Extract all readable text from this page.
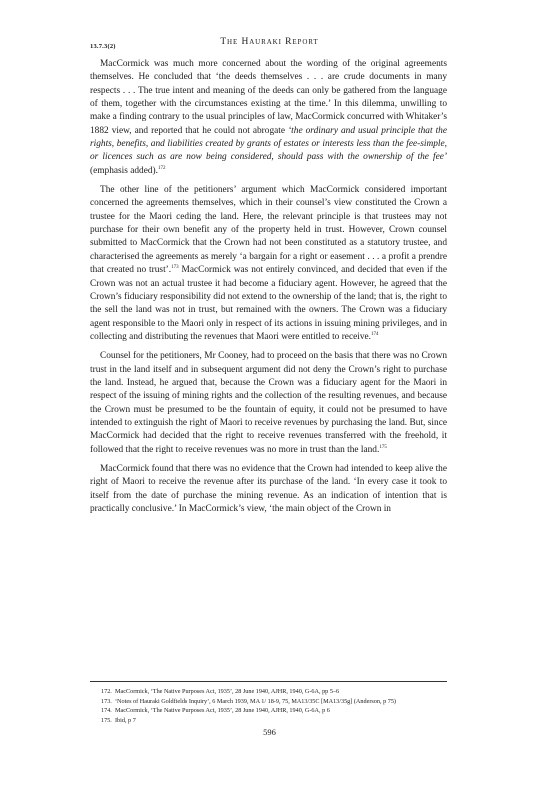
13.7.3(2)	The Hauraki Report

MacCormick was much more concerned about the wording of the original agreements themselves. He concluded that ‘the deeds themselves . . . are crude documents in many respects . . . The true intent and meaning of the deeds can only be gathered from the language of them, together with the circumstances existing at the time.’ In this dilemma, unwilling to make a finding contrary to the usual principles of law, MacCormick concurred with Whitaker’s 1882 view, and reported that he could not abrogate ‘the ordinary and usual principle that the rights, benefits, and liabilities created by grants of estates or interests less than the fee-simple, or licences such as are now being considered, should pass with the ownership of the fee’ (emphasis added).$^{172}$

The other line of the petitioners’ argument which MacCormick considered important concerned the agreements themselves, which in their counsel’s view constituted the Crown a trustee for the Maori ceding the land. Here, the relevant principle is that trustees may not purchase for their own benefit any of the property held in trust. However, Crown counsel submitted to MacCormick that the Crown had not been constituted as a statutory trustee, and characterised the agreements as merely ‘a bargain for a right or easement . . . a profit a prendre that created no trust’.$^{173}$ MacCormick was not entirely convinced, and decided that even if the Crown was not an actual trustee it had become a fiduciary agent. However, he agreed that the Crown’s fiduciary responsibility did not extend to the ownership of the land; that is, the right to the sell the land was not in trust, but remained with the owners. The Crown was a fiduciary agent responsible to the Maori only in respect of its actions in issuing mining privileges, and in collecting and distributing the revenues that Maori were entitled to receive.$^{174}$

Counsel for the petitioners, Mr Cooney, had to proceed on the basis that there was no Crown trust in the land itself and in subsequent argument did not deny the Crown’s right to purchase the land. Instead, he argued that, because the Crown was a fiduciary agent for the Maori in respect of the issuing of mining rights and the collection of the resulting revenues, and because the Crown must be presumed to be the fountain of equity, it could not be presumed to have intended to extinguish the right of Maori to receive revenues by purchasing the land. But, since MacCormick had decided that the right to receive revenues transferred with the freehold, it followed that the right to receive revenues was no more in trust than the land.$^{175}$

MacCormick found that there was no evidence that the Crown had intended to keep alive the right of Maori to receive the revenue after its purchase of the land. ‘In every case it took to itself from the date of purchase the mining revenue. As an indication of intention that is practically conclusive.’ In MacCormick’s view, ‘the main object of the Crown in

172. MacCormick, ‘The Native Purposes Act, 1935’, 28 June 1940, AJHR, 1940, G-6A, pp 5–6

173. ‘Notes of Hauraki Goldfields Inquiry’, 6 March 1939, MA 1/ 18-9, 75, MA13/35C [MA13/35g] (Anderson, p 75)

174. MacCormick, ‘The Native Purposes Act, 1935’, 28 June 1940, AJHR, 1940, G-6A, p 6

175. Ibid, p 7

596
